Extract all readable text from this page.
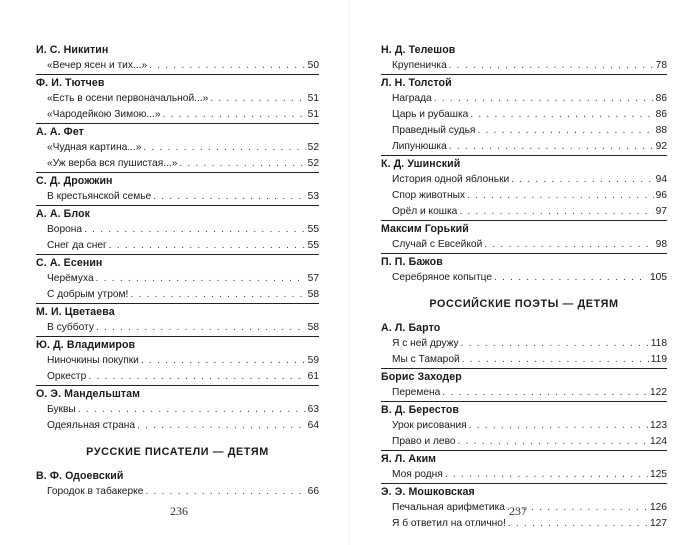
И. С. Никитин
«Вечер ясен и тих...» . . .	50
Ф. И. Тютчев
«Есть в осени первоначальной...» . . .	51
«Чародейкою Зимою...» . . .	51
А. А. Фет
«Чудная картина...» . . .	52
«Уж верба вся пушистая...» . . .	52
С. Д. Дрожжин
В крестьянской семье . . .	53
А. А. Блок
Ворона . . .	55
Снег да снег . . .	55
С. А. Есенин
Черёмуха . . .	57
С добрым утром! . . .	58
М. И. Цветаева
В субботу . . .	58
Ю. Д. Владимиров
Ниночкины покупки . . .	59
Оркестр . . .	61
О. Э. Мандельштам
Буквы . . .	63
Одеяльная страна . . .	64
РУССКИЕ ПИСАТЕЛИ — ДЕТЯМ
В. Ф. Одоевский
Городок в табакерке . . .	66
Н. Д. Телешов
Крупеничка . . .	78
Л. Н. Толстой
Награда . . .	86
Царь и рубашка . . .	86
Праведный судья . . .	88
Липунюшка . . .	92
К. Д. Ушинский
История одной яблоньки . . .	94
Спор животных . . .	96
Орёл и кошка . . .	97
Максим Горький
Случай с Евсейкой . . .	98
П. П. Бажов
Серебряное копытце . . .	105
РОССИЙСКИЕ ПОЭТЫ — ДЕТЯМ
А. Л. Барто
Я с ней дружу . . .	118
Мы с Тамарой . . .	119
Борис Заходер
Перемена . . .	122
В. Д. Берестов
Урок рисования . . .	123
Право и лево . . .	124
Я. Л. Аким
Моя родня . . .	125
Э. Э. Мошковская
Печальная арифметика . . .	126
Я б ответил на отлично! . . .	127
236	237
